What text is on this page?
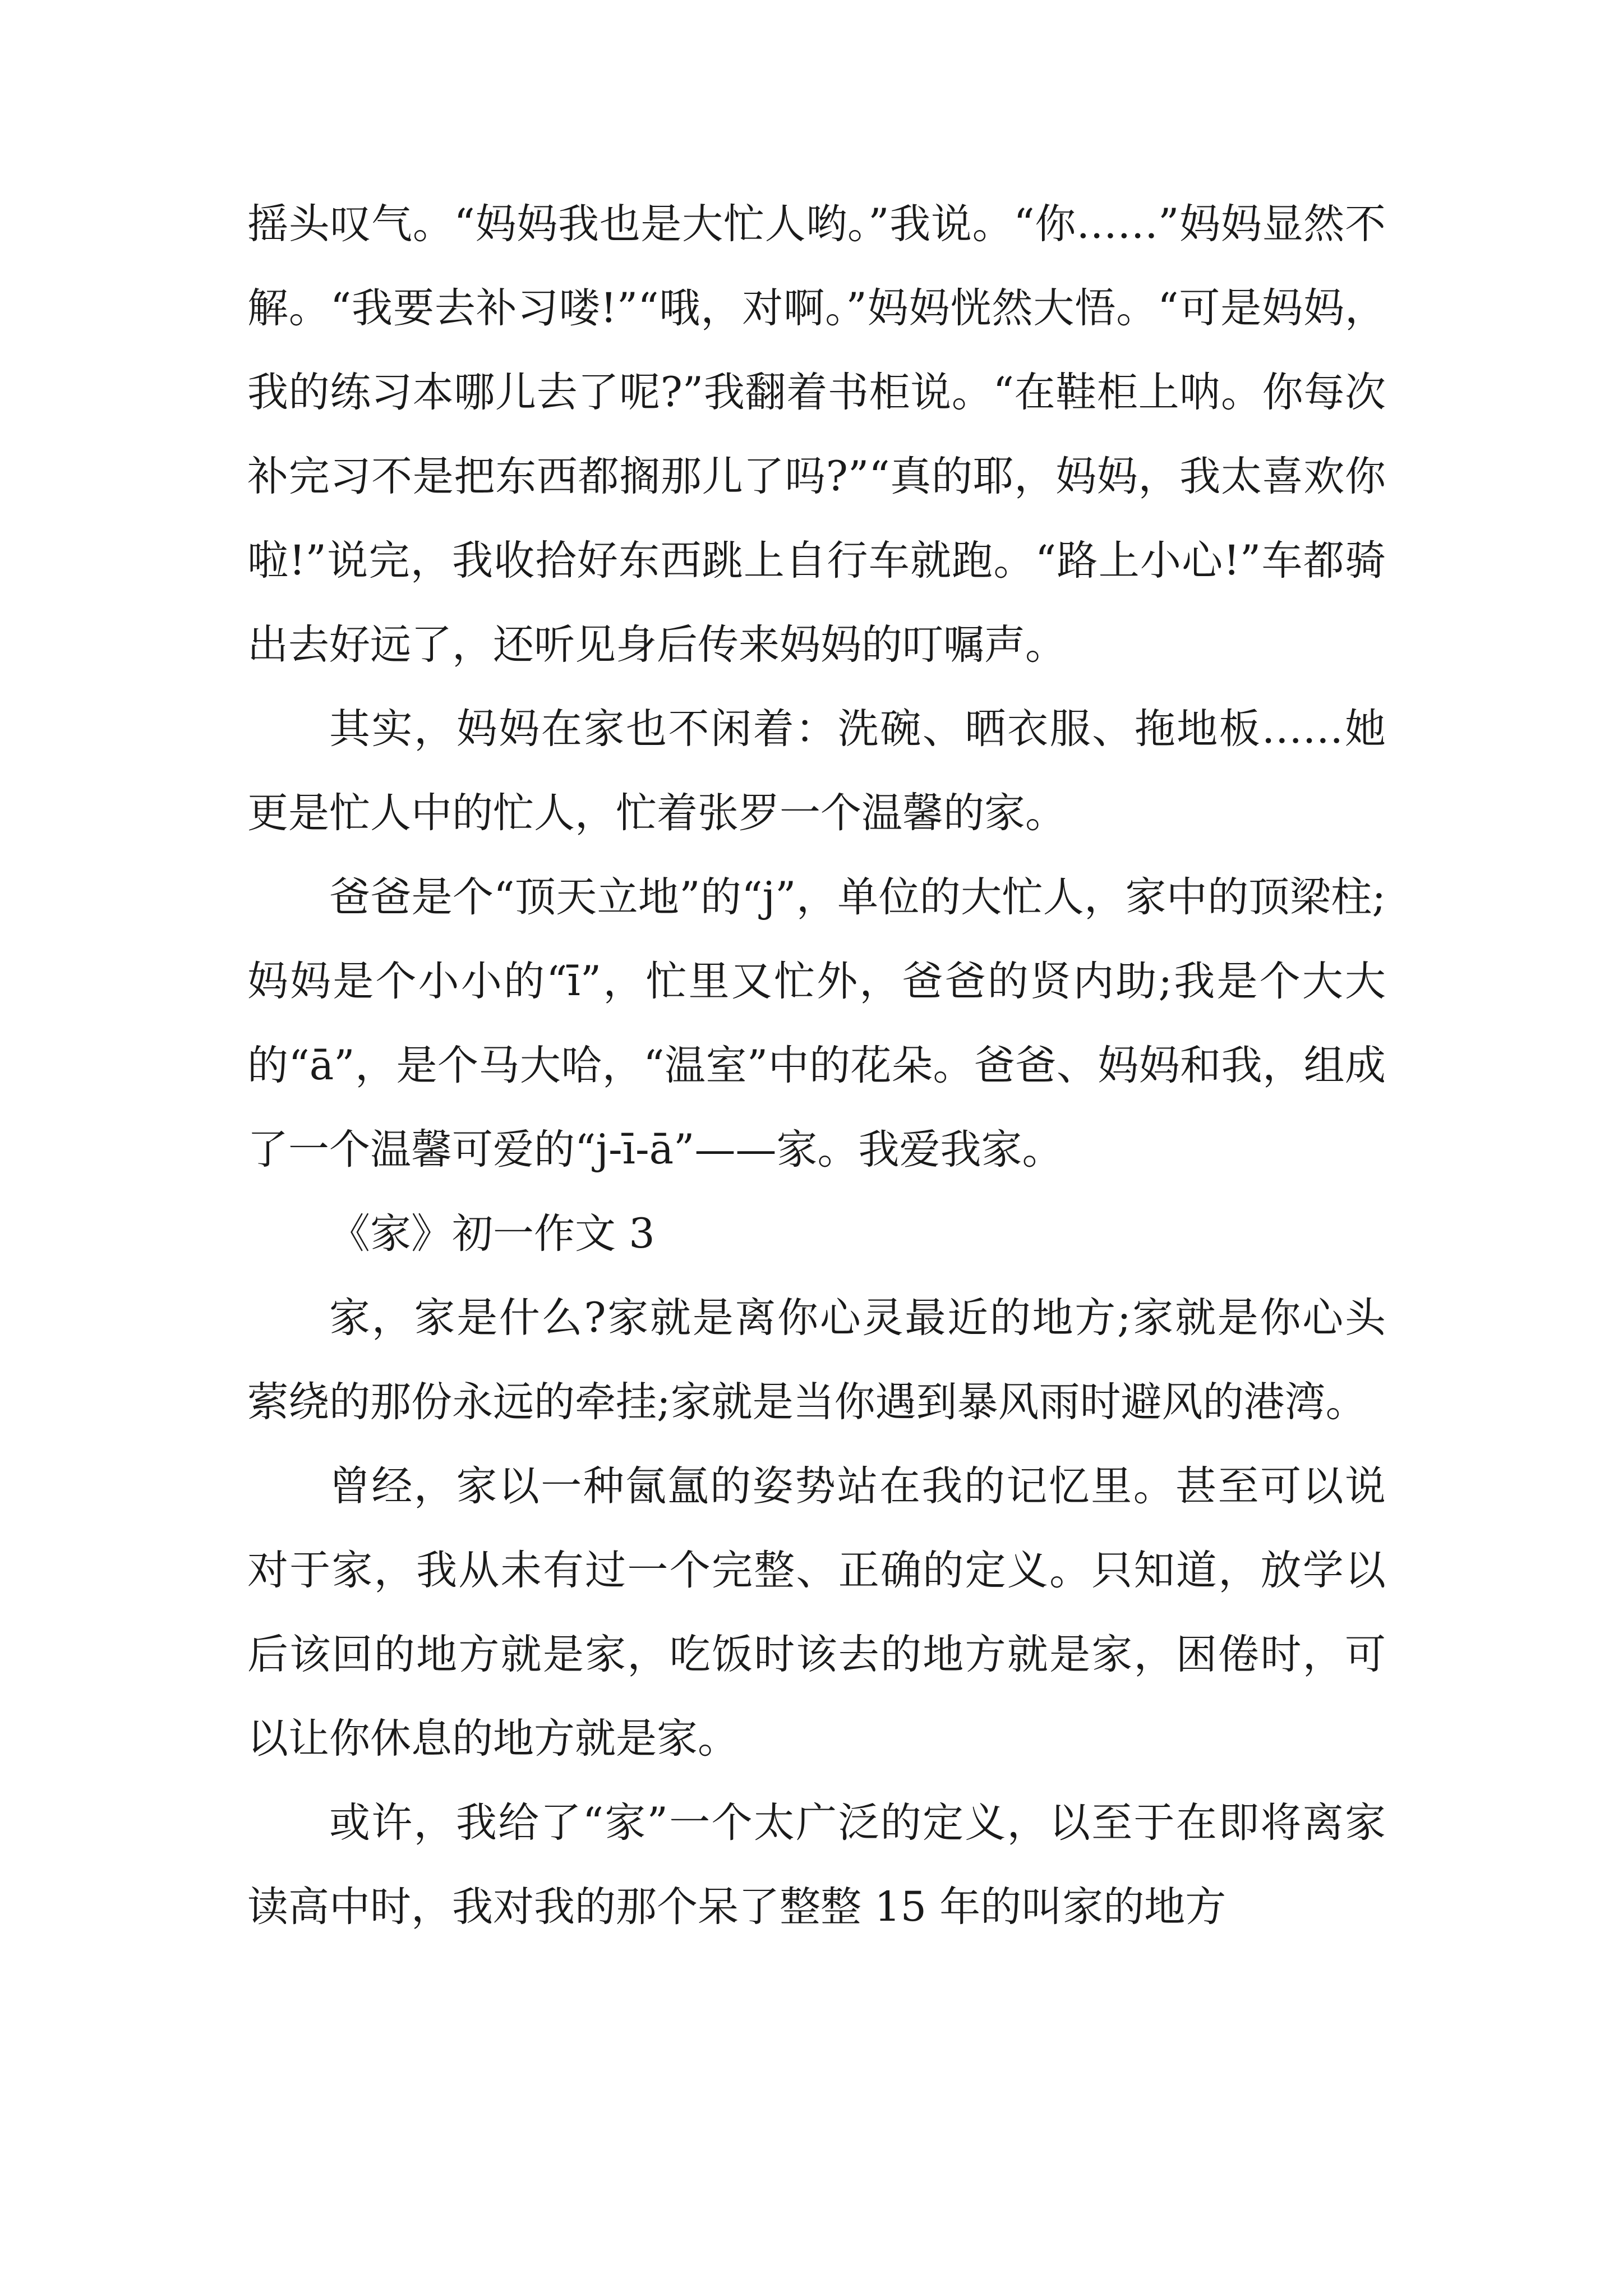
摇头叹气。“妈妈我也是大忙人哟。”我说。“你……”妈妈显然不解。“我要去补习喽!”“哦，对啊。”妈妈恍然大悟。“可是妈妈，我的练习本哪儿去了呢?”我翻着书柜说。“在鞋柜上呐。你每次补完习不是把东西都搁那儿了吗?”“真的耶，妈妈，我太喜欢你啦!”说完，我收拾好东西跳上自行车就跑。“路上小心!”车都骑出去好远了，还听见身后传来妈妈的叮嘱声。

其实，妈妈在家也不闲着：洗碗、晒衣服、拖地板……她更是忙人中的忙人，忙着张罗一个温馨的家。

爸爸是个“顶天立地”的“j”，单位的大忙人，家中的顶梁柱;妈妈是个小小的“ī”，忙里又忙外，爸爸的贤内助;我是个大大的“ā”，是个马大哈，“温室”中的花朵。爸爸、妈妈和我，组成了一个温馨可爱的“j-ī-ā”——家。我爱我家。

《家》初一作文 3

家，家是什么?家就是离你心灵最近的地方;家就是你心头萦绕的那份永远的牵挂;家就是当你遇到暴风雨时避风的港湾。

曾经，家以一种氤氲的姿势站在我的记忆里。甚至可以说对于家，我从未有过一个完整、正确的定义。只知道，放学以后该回的地方就是家，吃饭时该去的地方就是家，困倦时，可以让你休息的地方就是家。

或许，我给了“家”一个太广泛的定义，以至于在即将离家读高中时，我对我的那个呆了整整 15 年的叫家的地方
